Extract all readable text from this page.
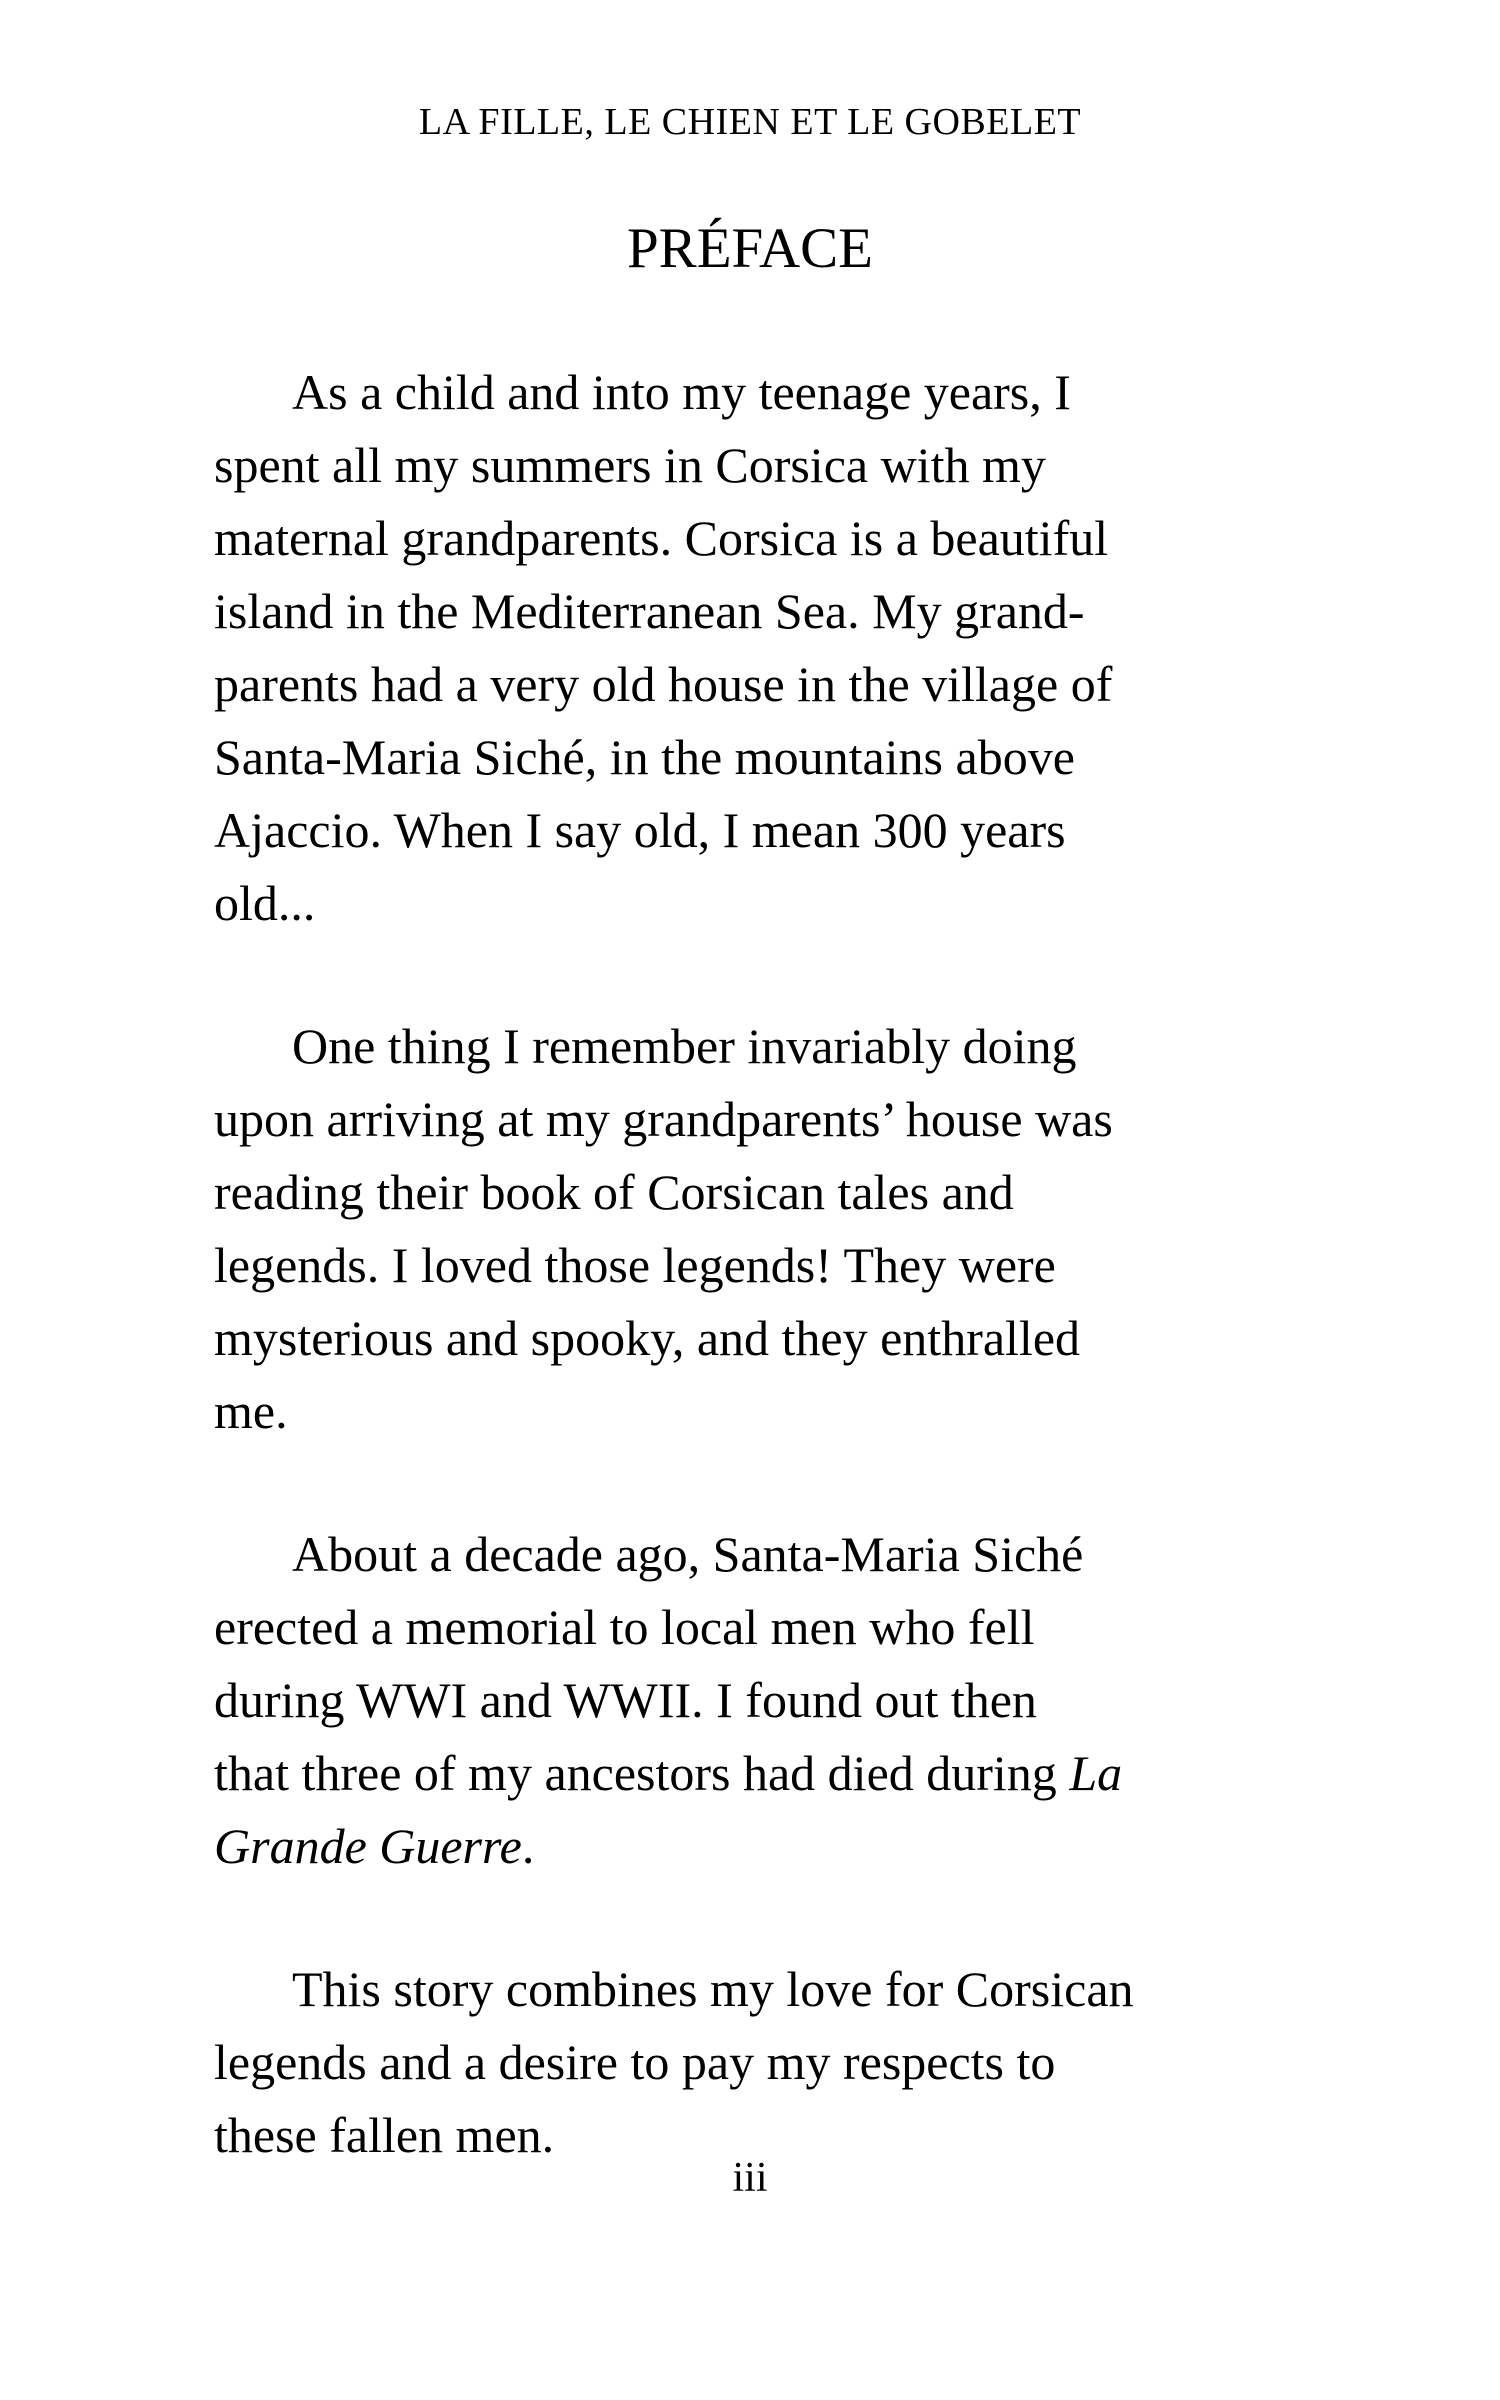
LA FILLE, LE CHIEN ET LE GOBELET
PRÉFACE

As a child and into my teenage years, I
spent all my summers in Corsica with my
maternal grandparents. Corsica is a beautiful
island in the Mediterranean Sea. My grand-
parents had a very old house in the village of
Santa-Maria Siché, in the mountains above
Ajaccio. When I say old, I mean 300 years
old...

One thing I remember invariably doing
upon arriving at my grandparents’ house was
reading their book of Corsican tales and
legends. I loved those legends! They were
mysterious and spooky, and they enthralled
me.

About a decade ago, Santa-Maria Siché
erected a memorial to local men who fell
during WWI and WWII. I found out then
that three of my ancestors had died during La
Grande Guerre.

This story combines my love for Corsican
legends and a desire to pay my respects to
these fallen men.

iii
